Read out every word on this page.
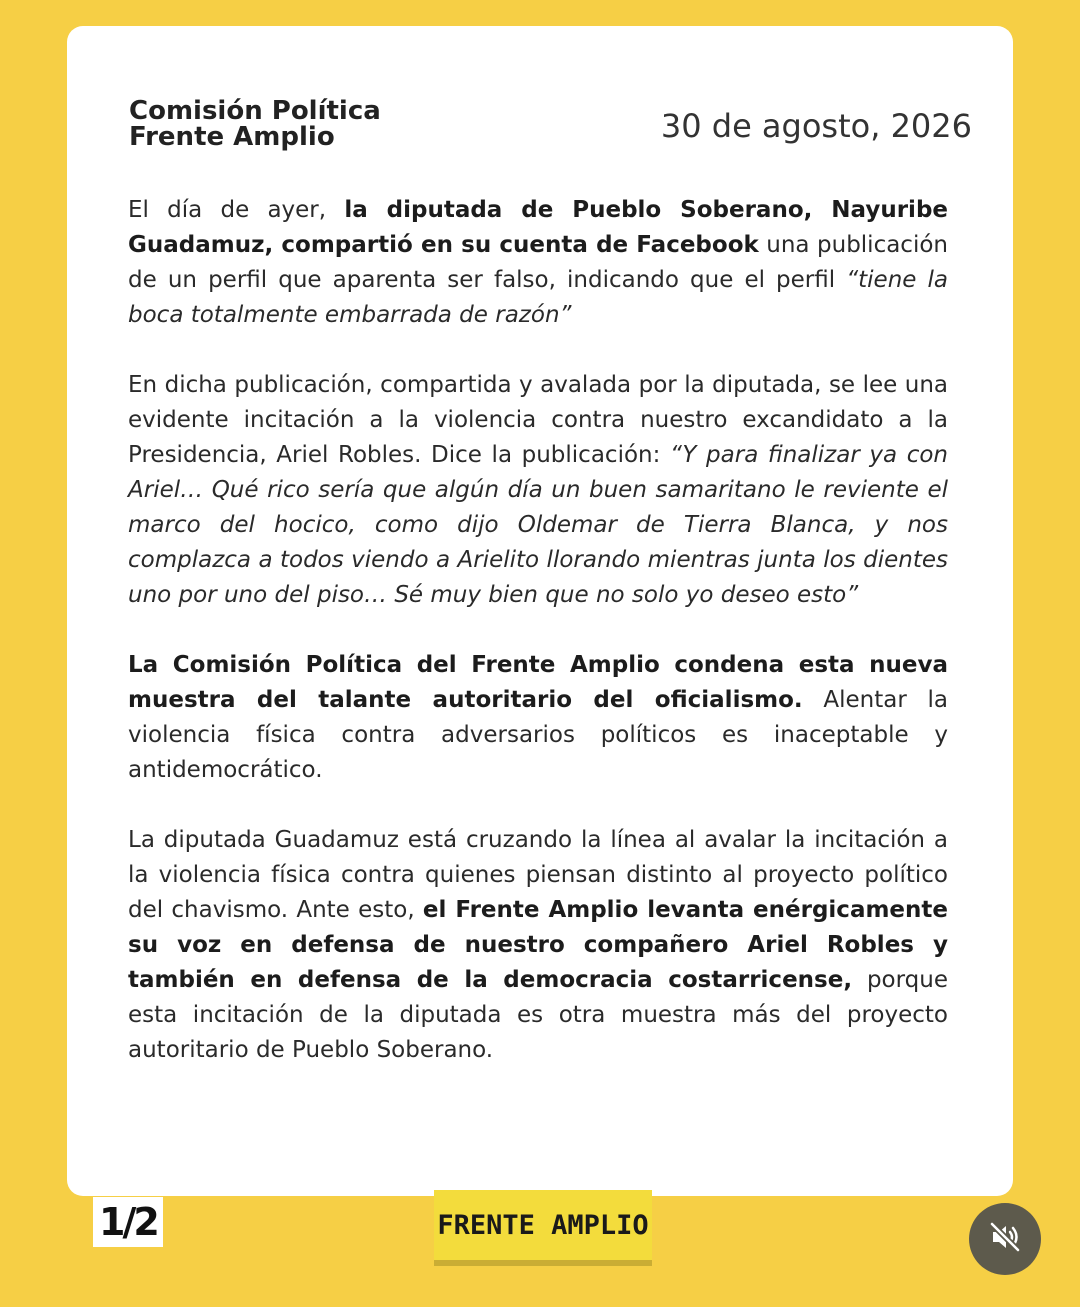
Comisión Política
Frente Amplio	30 de agosto, 2026

El día de ayer, la diputada de Pueblo Soberano, Nayuribe Guadamuz, compartió en su cuenta de Facebook una publicación de un perfil que aparenta ser falso, indicando que el perfil “tiene la boca totalmente embarrada de razón”

En dicha publicación, compartida y avalada por la diputada, se lee una evidente incitación a la violencia contra nuestro excandidato a la Presidencia, Ariel Robles. Dice la publicación: “Y para finalizar ya con Ariel… Qué rico sería que algún día un buen samaritano le reviente el marco del hocico, como dijo Oldemar de Tierra Blanca, y nos complazca a todos viendo a Arielito llorando mientras junta los dientes uno por uno del piso… Sé muy bien que no solo yo deseo esto”

La Comisión Política del Frente Amplio condena esta nueva muestra del talante autoritario del oficialismo. Alentar la violencia física contra adversarios políticos es inaceptable y antidemocrático.

La diputada Guadamuz está cruzando la línea al avalar la incitación a la violencia física contra quienes piensan distinto al proyecto político del chavismo. Ante esto, el Frente Amplio levanta enérgicamente su voz en defensa de nuestro compañero Ariel Robles y también en defensa de la democracia costarricense, porque esta incitación de la diputada es otra muestra más del proyecto autoritario de Pueblo Soberano.

1/2	FRENTE AMPLIO
